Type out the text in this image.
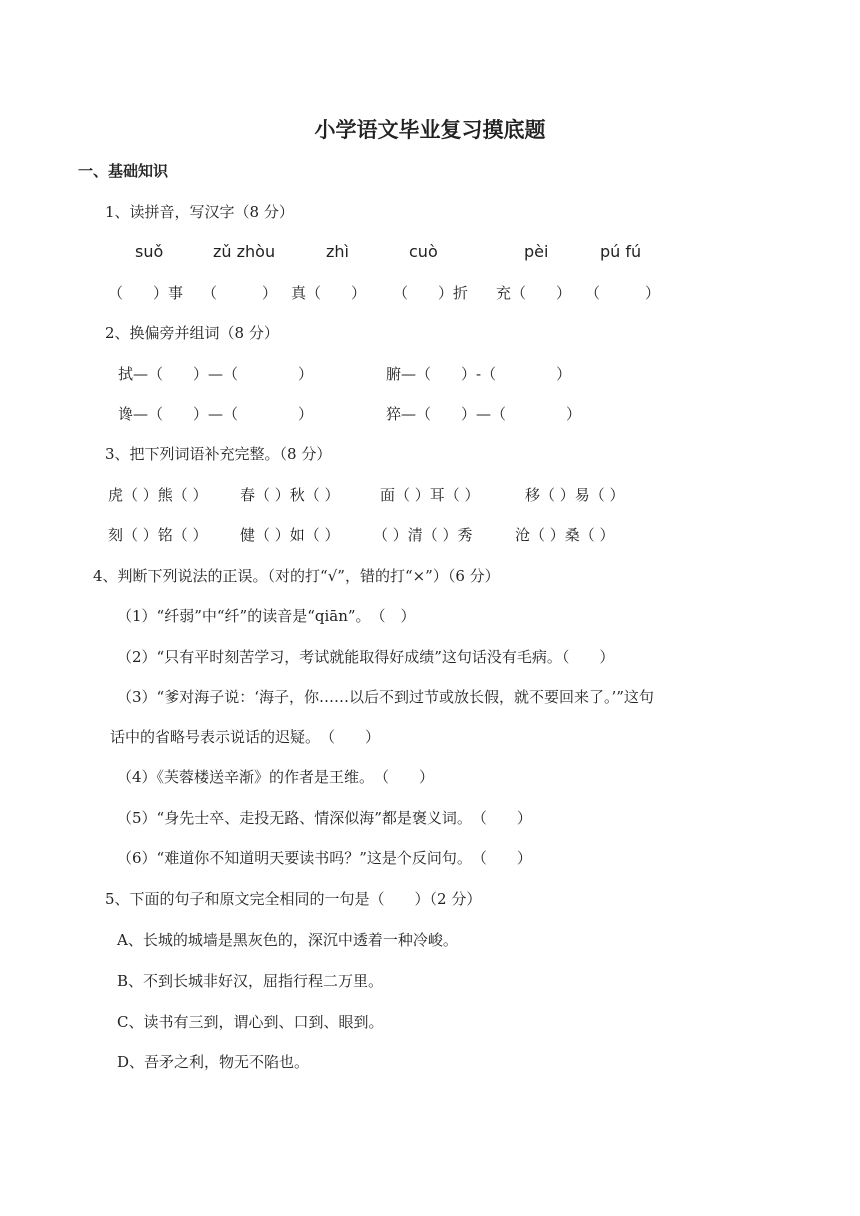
小学语文毕业复习摸底题
一、基础知识
1、读拼音，写汉字（8 分）
suǒ	zǔ zhòu	zhì	cuò	pèi	pú fú
（　　）事 （　　　） 真（　　） （　　）折 充（　　） （　　　）
2、换偏旁并组词（8 分）
拭—（　　）—（　　　　）	腑—（　　）-（　　　　）
谗—（　　）—（　　　　）	猝—（　　）—（　　　　）
3、把下列词语补充完整。（8 分）
虎（ ）熊（ ） 春（ ）秋（ ）	面（ ）耳（ ）	移（ ）易（ ）
刻（ ）铭（ ） 健（ ）如（ ） （ ）清（ ）秀	沧（ ）桑（ ）
4、判断下列说法的正误。（对的打“√”，错的打“×”）（6 分）
（1）“纤弱”中“纤”的读音是“qiān”。　（　）
（2）“只有平时刻苦学习，考试就能取得好成绩”这句话没有毛病。（　　）
（3）“爹对海子说：‘海子，你……以后不到过节或放长假，就不要回来了。’”这句
话中的省略号表示说话的迟疑。　（　　）
（4）《芙蓉楼送辛渐》的作者是王维。　（　　）
（5）“身先士卒、走投无路、情深似海”都是褒义词。　（　　）
（6）“难道你不知道明天要读书吗？”这是个反问句。　（　　）
5、下面的句子和原文完全相同的一句是（　　）（2 分）
A、长城的城墙是黑灰色的，深沉中透着一种冷峻。
B、不到长城非好汉，屈指行程二万里。
C、读书有三到，谓心到、口到、眼到。
D、吾矛之利，物无不陷也。
